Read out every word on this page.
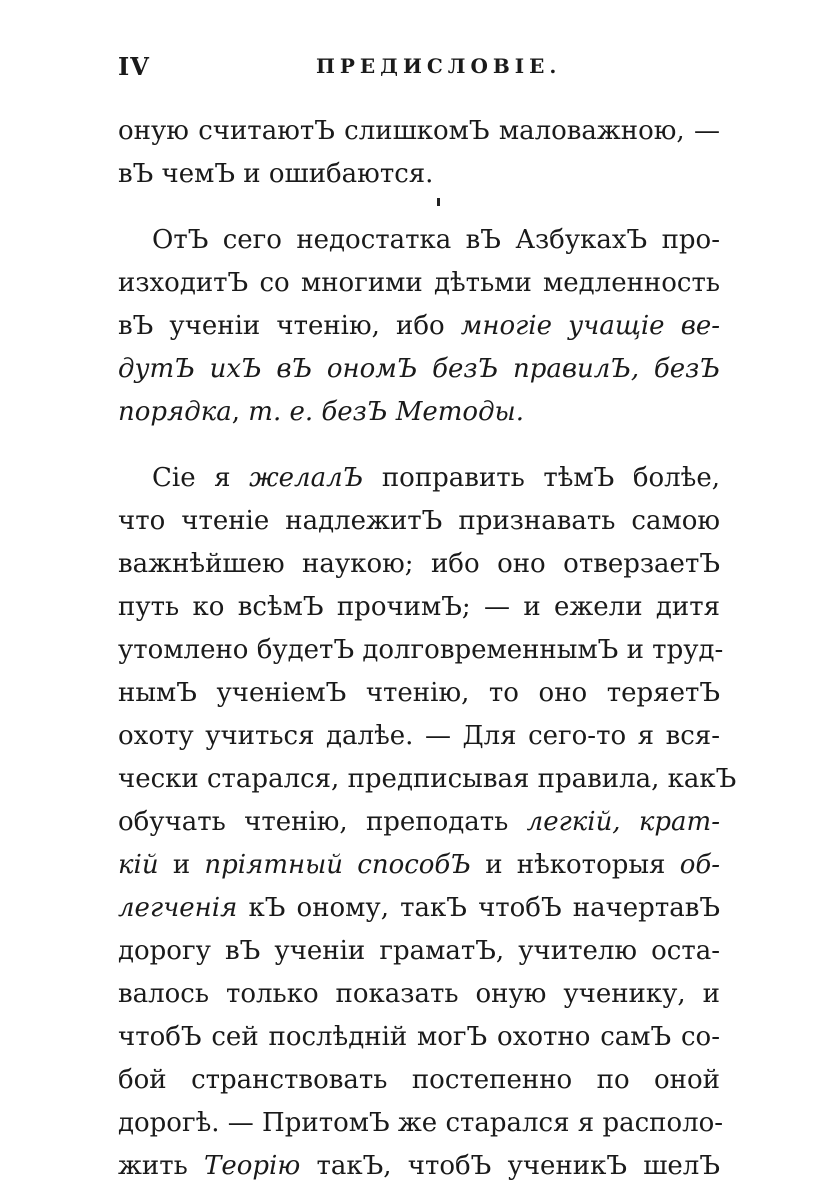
IV	ПРЕДИСЛОВІЕ.
оную считаютЪ слишкомЪ маловажною, —
вЪ чемЪ и ошибаются.
ОтЪ сего недостатка вЪ АзбукахЪ про-
изходитЪ со многими дѣтьми медленность
вЪ ученіи чтенію, ибо многіе учащіе ве-
дутЪ ихЪ вЪ ономЪ безЪ правилЪ, безЪ
порядка, т. е. безЪ Методы.
Сіе я желалЪ поправить тѣмЪ болѣе,
что чтеніе надлежитЪ признавать самою
важнѣйшею наукою; ибо оно отверзаетЪ
путь ко всѣмЪ прочимЪ; — и ежели дитя
утомлено будетЪ долговременнымЪ и труд-
нымЪ ученіемЪ чтенію, то оно теряетЪ
охоту учиться далѣе. — Для сего-то я вся-
чески старался, предписывая правила, какЪ
обучать чтенію, преподать легкій, крат-
кій и пріятный способЪ и нѣкоторыя об-
легченія кЪ оному, такЪ чтобЪ начертавЪ
дорогу вЪ ученіи граматЪ, учителю оста-
валось только показать оную ученику, и
чтобЪ сей послѣдній могЪ охотно самЪ со-
бой странствовать постепенно по оной
дорогѣ. — ПритомЪ же старался я располо-
жить Теорію такЪ, чтобЪ ученикЪ шелЪ
